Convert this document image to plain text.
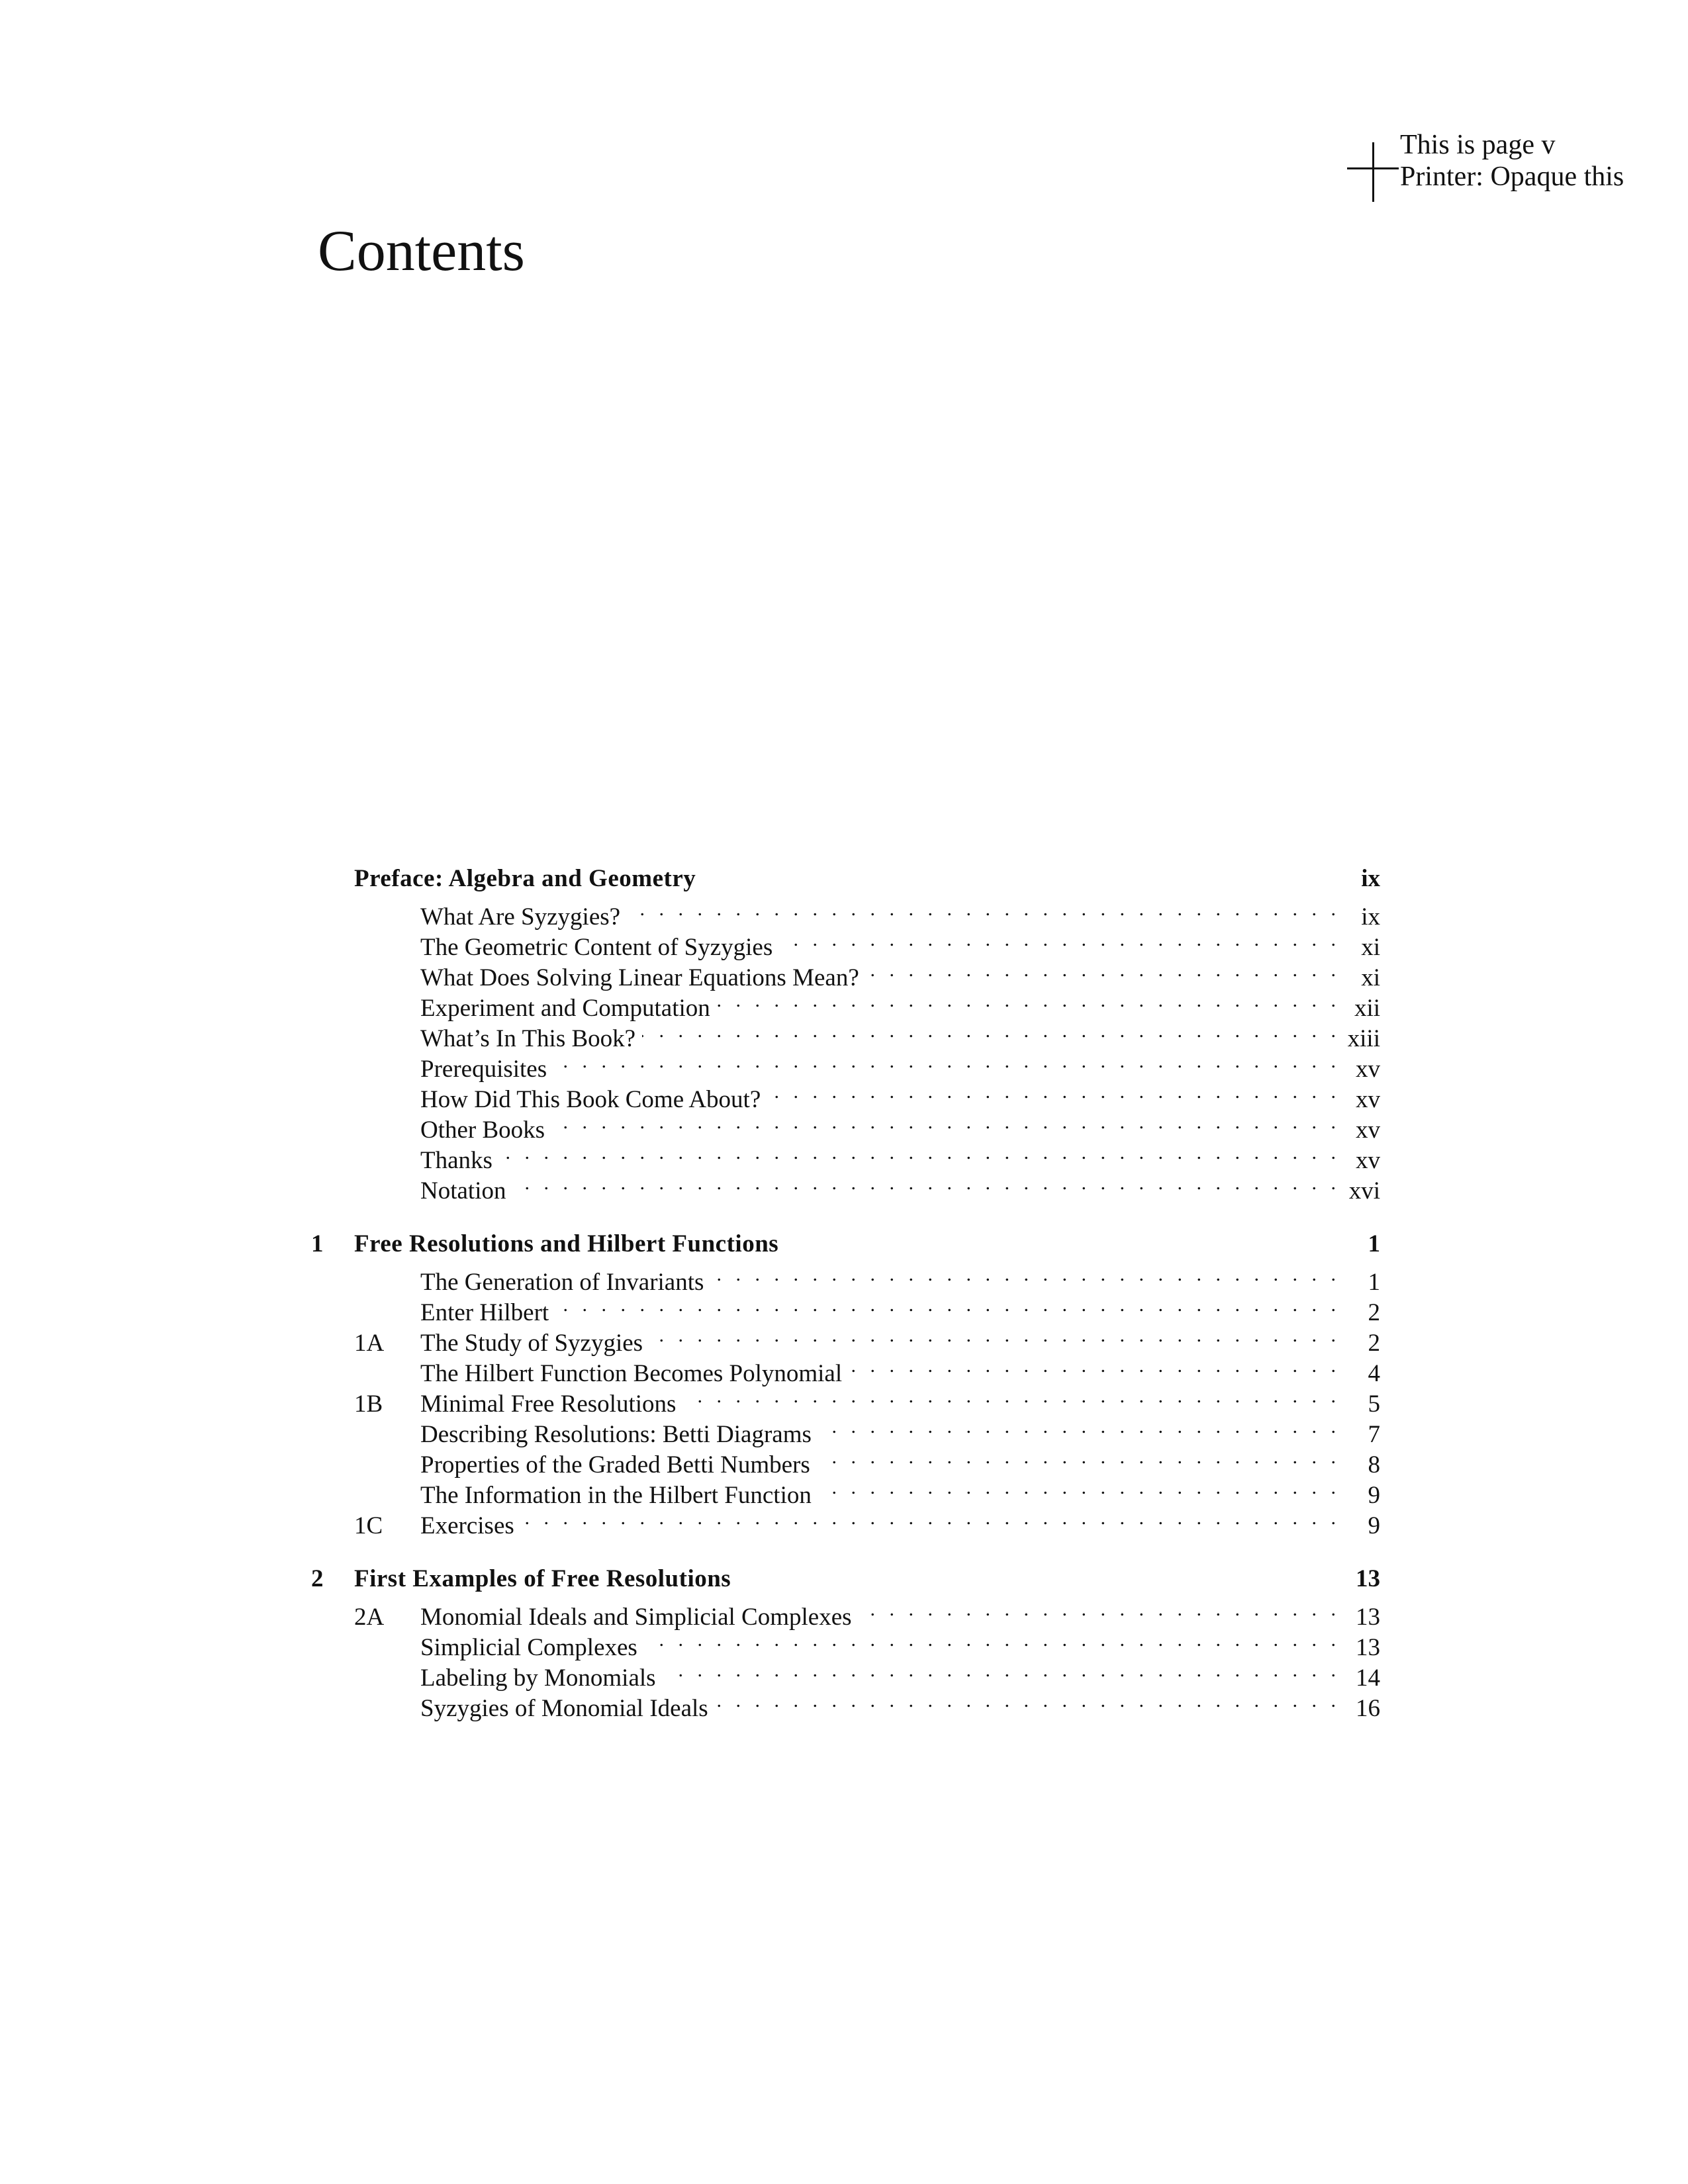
This is page v
Printer: Opaque this
Contents
Preface: Algebra and Geometry	ix
What Are Syzygies? . . .	ix
The Geometric Content of Syzygies . . .	xi
What Does Solving Linear Equations Mean? . . .	xi
Experiment and Computation . . .	xii
What’s In This Book? . . .	xiii
Prerequisites . . .	xv
How Did This Book Come About? . . .	xv
Other Books . . .	xv
Thanks . . .	xv
Notation . . .	xvi
1	Free Resolutions and Hilbert Functions	1
The Generation of Invariants . . .	1
Enter Hilbert . . .	2
1A	The Study of Syzygies . . .	2
The Hilbert Function Becomes Polynomial . . .	4
1B	Minimal Free Resolutions . . .	5
Describing Resolutions: Betti Diagrams . . .	7
Properties of the Graded Betti Numbers . . .	8
The Information in the Hilbert Function . . .	9
1C	Exercises . . .	9
2	First Examples of Free Resolutions	13
2A	Monomial Ideals and Simplicial Complexes . . .	13
Simplicial Complexes . . .	13
Labeling by Monomials . . .	14
Syzygies of Monomial Ideals . . .	16
